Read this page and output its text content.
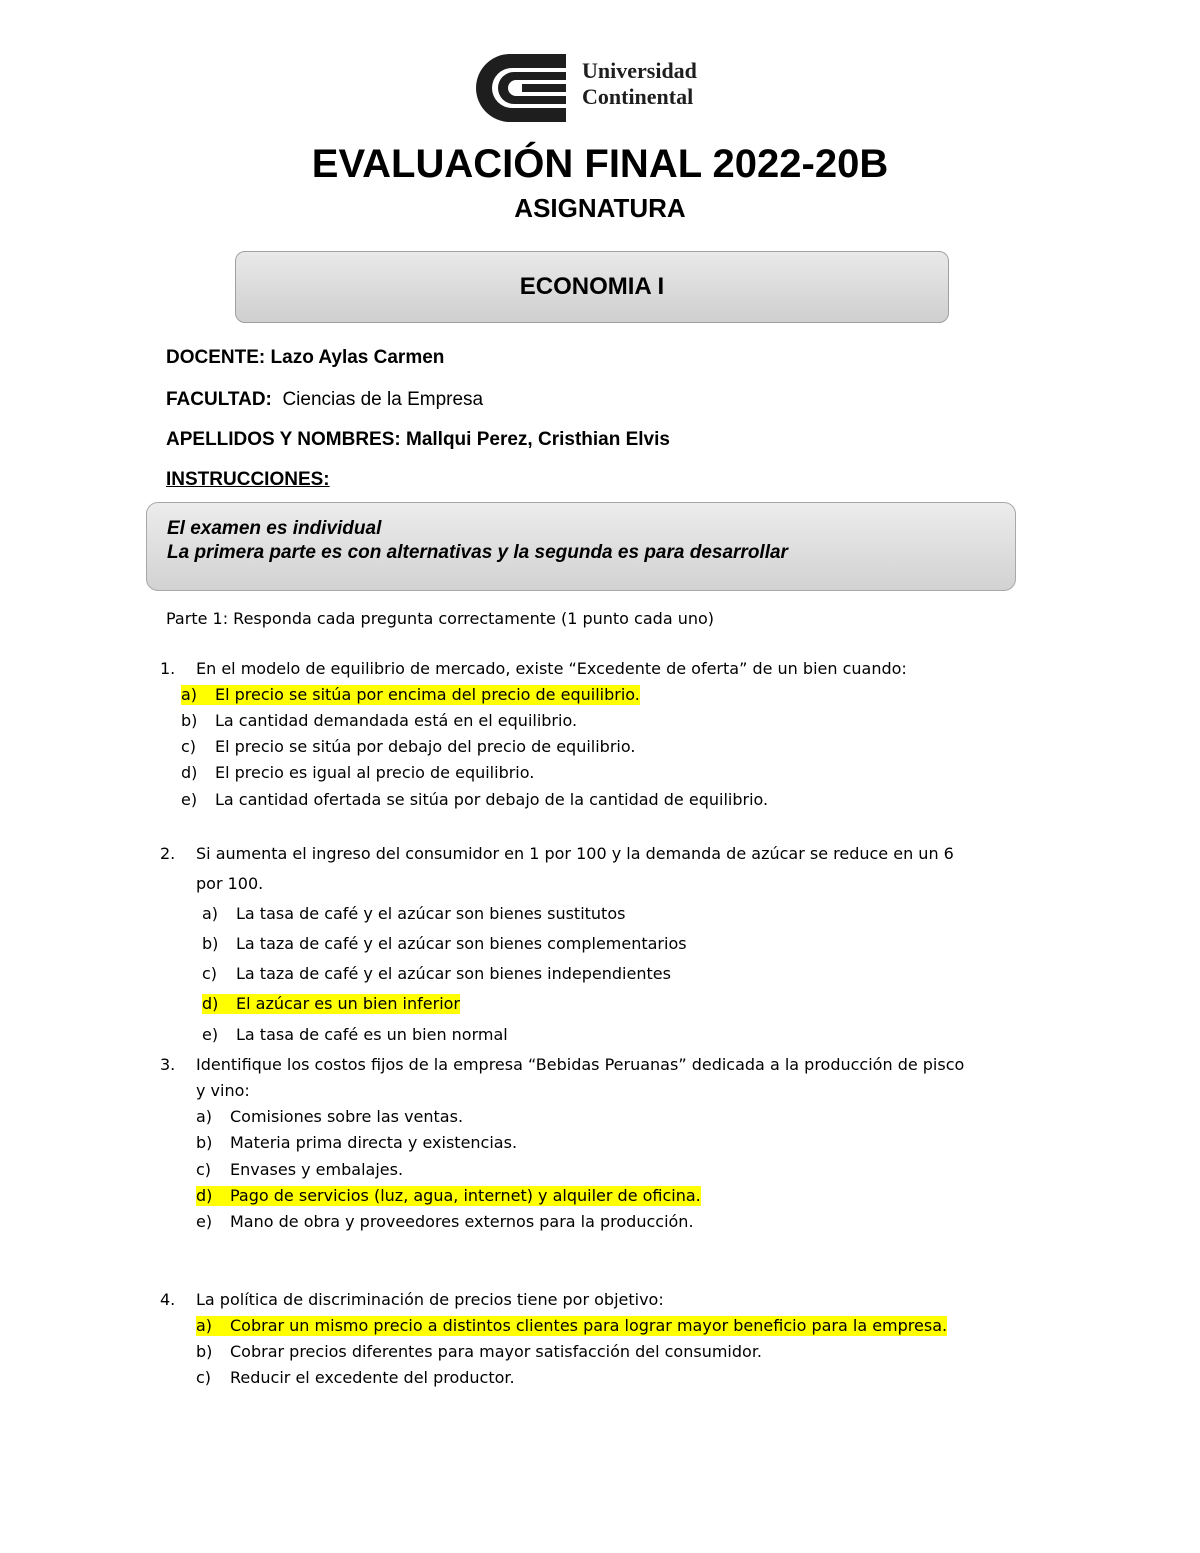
Universidad
Continental
EVALUACIÓN FINAL 2022-20B
ASIGNATURA
ECONOMIA I
DOCENTE: Lazo Aylas Carmen
FACULTAD: Ciencias de la Empresa
APELLIDOS Y NOMBRES: Mallqui Perez, Cristhian Elvis
INSTRUCCIONES:
El examen es individual
La primera parte es con alternativas y la segunda es para desarrollar
Parte 1: Responda cada pregunta correctamente (1 punto cada uno)
1. En el modelo de equilibrio de mercado, existe “Excedente de oferta” de un bien cuando:
a) El precio se sitúa por encima del precio de equilibrio.
b) La cantidad demandada está en el equilibrio.
c) El precio se sitúa por debajo del precio de equilibrio.
d) El precio es igual al precio de equilibrio.
e) La cantidad ofertada se sitúa por debajo de la cantidad de equilibrio.
2. Si aumenta el ingreso del consumidor en 1 por 100 y la demanda de azúcar se reduce en un 6
por 100.
a) La tasa de café y el azúcar son bienes sustitutos
b) La taza de café y el azúcar son bienes complementarios
c) La taza de café y el azúcar son bienes independientes
d) El azúcar es un bien inferior
e) La tasa de café es un bien normal
3. Identifique los costos fijos de la empresa “Bebidas Peruanas” dedicada a la producción de pisco
y vino:
a) Comisiones sobre las ventas.
b) Materia prima directa y existencias.
c) Envases y embalajes.
d) Pago de servicios (luz, agua, internet) y alquiler de oficina.
e) Mano de obra y proveedores externos para la producción.
4. La política de discriminación de precios tiene por objetivo:
a) Cobrar un mismo precio a distintos clientes para lograr mayor beneficio para la empresa.
b) Cobrar precios diferentes para mayor satisfacción del consumidor.
c) Reducir el excedente del productor.
